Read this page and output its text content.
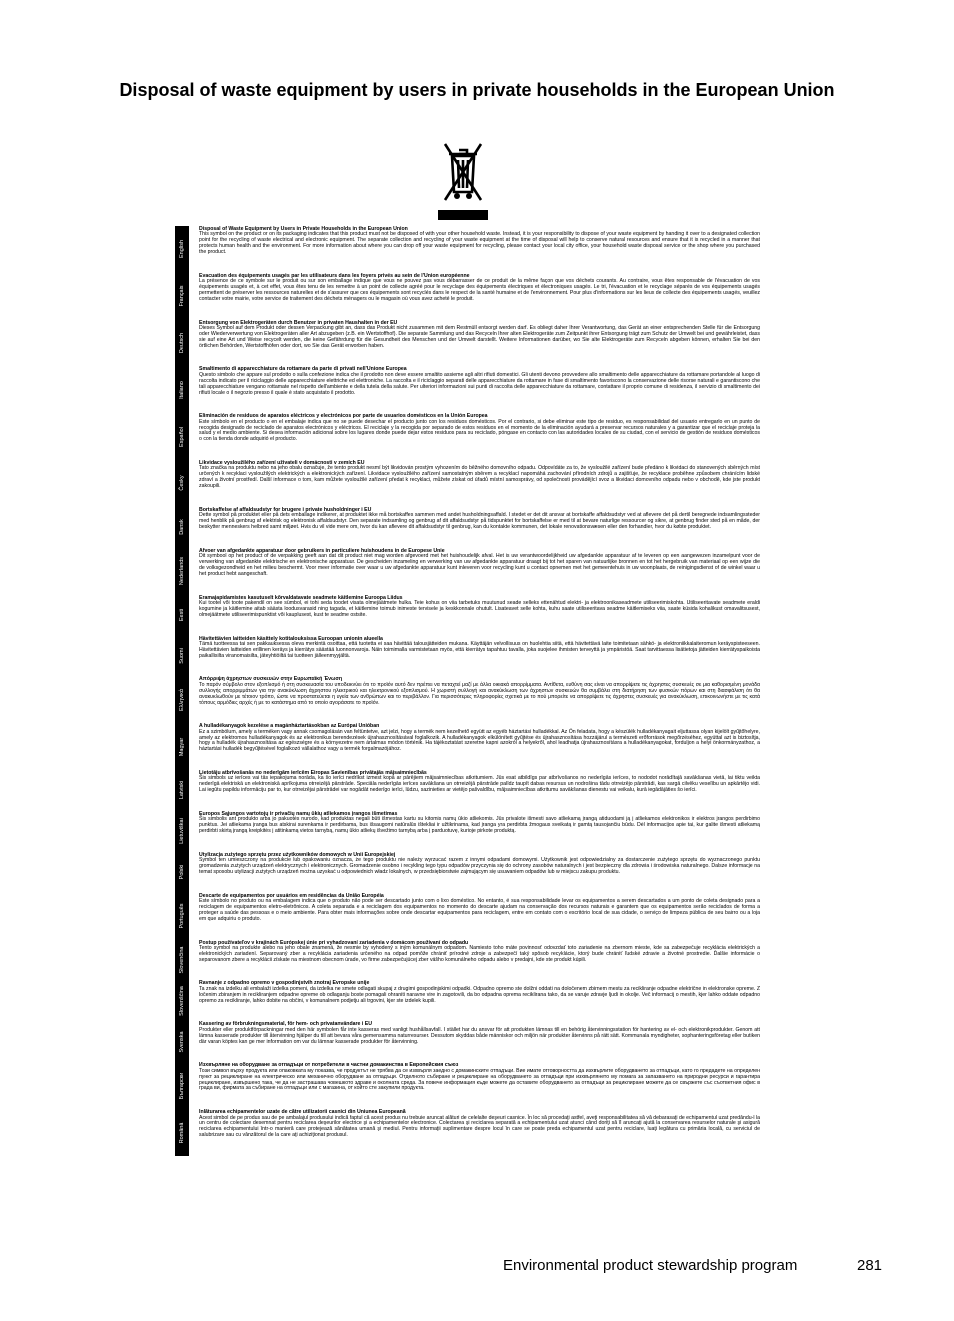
Disposal of waste equipment by users in private households in the European Union
English
Disposal of Waste Equipment by Users in Private Households in the European Union
This symbol on the product or on its packaging indicates that this product must not be disposed of with your other household waste. Instead, it is your responsibility to dispose of your waste equipment by handing it over to a designated collection point for the recycling of waste electrical and electronic equipment. The separate collection and recycling of your waste equipment at the time of disposal will help to conserve natural resources and ensure that it is recycled in a manner that protects human health and the environment. For more information about where you can drop off your waste equipment for recycling, please contact your local city office, your household waste disposal service or the shop where you purchased the product.
Français
Évacuation des équipements usagés par les utilisateurs dans les foyers privés au sein de l'Union européenne
La présence de ce symbole sur le produit ou sur son emballage indique que vous ne pouvez pas vous débarrasser de ce produit de la même façon que vos déchets courants. Au contraire, vous êtes responsable de l'évacuation de vos équipements usagés et, à cet effet, vous êtes tenu de les remettre à un point de collecte agréé pour le recyclage des équipements électriques et électroniques usagés. Le tri, l'évacuation et le recyclage séparés de vos équipements usagés permettent de préserver les ressources naturelles et de s'assurer que ces équipements sont recyclés dans le respect de la santé humaine et de l'environnement. Pour plus d'informations sur les lieux de collecte des équipements usagés, veuillez contacter votre mairie, votre service de traitement des déchets ménagers ou le magasin où vous avez acheté le produit.
Deutsch
Entsorgung von Elektrogeräten durch Benutzer in privaten Haushalten in der EU
Dieses Symbol auf dem Produkt oder dessen Verpackung gibt an, dass das Produkt nicht zusammen mit dem Restmüll entsorgt werden darf. Es obliegt daher Ihrer Verantwortung, das Gerät an einer entsprechenden Stelle für die Entsorgung oder Wiederverwertung von Elektrogeräten aller Art abzugeben (z.B. ein Wertstoffhof). Die separate Sammlung und das Recyceln Ihrer alten Elektrogeräte zum Zeitpunkt ihrer Entsorgung trägt zum Schutz der Umwelt bei und gewährleistet, dass sie auf eine Art und Weise recycelt werden, die keine Gefährdung für die Gesundheit des Menschen und der Umwelt darstellt. Weitere Informationen darüber, wo Sie alte Elektrogeräte zum Recyceln abgeben können, erhalten Sie bei den örtlichen Behörden, Wertstoffhöfen oder dort, wo Sie das Gerät erworben haben.
Italiano
Smaltimento di apparecchiature da rottamare da parte di privati nell'Unione Europea
Questo simbolo che appare sul prodotto o sulla confezione indica che il prodotto non deve essere smaltito assieme agli altri rifiuti domestici. Gli utenti devono provvedere allo smaltimento delle apparecchiature da rottamare portandole al luogo di raccolta indicato per il riciclaggio delle apparecchiature elettriche ed elettroniche. La raccolta e il riciclaggio separati delle apparecchiature da rottamare in fase di smaltimento favoriscono la conservazione delle risorse naturali e garantiscono che tali apparecchiature vengano rottamate nel rispetto dell'ambiente e della tutela della salute. Per ulteriori informazioni sui punti di raccolta delle apparecchiature da rottamare, contattare il proprio comune di residenza, il servizio di smaltimento dei rifiuti locale o il negozio presso il quale è stato acquistato il prodotto.
Español
Eliminación de residuos de aparatos eléctricos y electrónicos por parte de usuarios domésticos en la Unión Europea
Este símbolo en el producto o en el embalaje indica que no se puede desechar el producto junto con los residuos domésticos. Por el contrario, si debe eliminar este tipo de residuo, es responsabilidad del usuario entregarlo en un punto de recogida designado de reciclado de aparatos electrónicos y eléctricos. El reciclaje y la recogida por separado de estos residuos en el momento de la eliminación ayudará a preservar recursos naturales y a garantizar que el reciclaje proteja la salud y el medio ambiente. Si desea información adicional sobre los lugares donde puede dejar estos residuos para su reciclado, póngase en contacto con las autoridades locales de su ciudad, con el servicio de gestión de residuos domésticos o con la tienda donde adquirió el producto.
Česky
Likvidace vysloužilého zařízení uživateli v domácnosti v zemích EU
Tato značka na produktu nebo na jeho obalu označuje, že tento produkt nesmí být likvidován prostým vyhozením do běžného domovního odpadu. Odpovídáte za to, že vysloužilé zařízení bude předáno k likvidaci do stanovených sběrných míst určených k recyklaci vysloužilých elektrických a elektronických zařízení. Likvidace vysloužilého zařízení samostatným sběrem a recyklací napomáhá zachování přírodních zdrojů a zajišťuje, že recyklace proběhne způsobem chránícím lidské zdraví a životní prostředí. Další informace o tom, kam můžete vysloužilé zařízení předat k recyklaci, můžete získat od úřadů místní samosprávy, od společnosti provádějící svoz a likvidaci domovního odpadu nebo v obchodě, kde jste produkt zakoupili.
Dansk
Bortskaffelse af affaldsudstyr for brugere i private husholdninger i EU
Dette symbol på produktet eller på dets emballage indikerer, at produktet ikke må bortskaffes sammen med andet husholdningsaffald. I stedet er det dit ansvar at bortskaffe affaldsudstyr ved at aflevere det på dertil beregnede indsamlingssteder med henblik på genbrug af elektrisk og elektronisk affaldsudstyr. Den separate indsamling og genbrug af dit affaldsudstyr på tidspunktet for bortskaffelse er med til at bevare naturlige ressourcer og sikre, at genbrug finder sted på en måde, der beskytter menneskers helbred samt miljøet. Hvis du vil vide mere om, hvor du kan aflevere dit affaldsudstyr til genbrug, kan du kontakte kommunen, det lokale renovationsvæsen eller den forhandler, hvor du købte produktet.
Nederlands
Afvoer van afgedankte apparatuur door gebruikers in particuliere huishoudens in de Europese Unie
Dit symbool op het product of de verpakking geeft aan dat dit product niet mag worden afgevoerd met het huishoudelijk afval. Het is uw verantwoordelijkheid uw afgedankte apparatuur af te leveren op een aangewezen inzamelpunt voor de verwerking van afgedankte elektrische en elektronische apparatuur. De gescheiden inzameling en verwerking van uw afgedankte apparatuur draagt bij tot het sparen van natuurlijke bronnen en tot het hergebruik van materiaal op een wijze die de volksgezondheid en het milieu beschermt. Voor meer informatie over waar u uw afgedankte apparatuur kunt inleveren voor recycling kunt u contact opnemen met het gemeentehuis in uw woonplaats, de reinigingsdienst of de winkel waar u het product hebt aangeschaft.
Eesti
Eramajapidamistes kasutuselt kõrvaldatavate seadmete käitlemine Euroopa Liidus
Kui tootel või toote pakendil on see sümbol, ei tohi seda toodet visata olmejäätmete hulka. Teie kohus on viia tarbetuks muutunud seade selleks ettenähtud elektri- ja elektroonikaseadmete utiliseerimiskohta. Utiliseeritavate seadmete eraldi kogumine ja käitlemine aitab säästa loodusvarasid ning tagada, et käitlemine toimub inimeste tervisele ja keskkonnale ohutult. Lisateavet selle kohta, kuhu saate utiliseeritava seadme käitlemiseks viia, saate küsida kohalikust omavalitsusest, olmejäätmete utiliseerimispunktist või kauplusest, kust te seadme ostsite.
Suomi
Hävitettävien laitteiden käsittely kotitalouksissa Euroopan unionin alueella
Tämä tuotteessa tai sen pakkauksessa oleva merkintä osoittaa, että tuotetta ei saa hävittää talousjätteiden mukana. Käyttäjän velvollisuus on huolehtia siitä, että hävitettävä laite toimitetaan sähkö- ja elektroniikkalaiteromun keräyspisteeseen. Hävitettävien laitteiden erillinen keräys ja kierrätys säästää luonnonvaroja. Näin toimimalla varmistetaan myös, että kierrätys tapahtuu tavalla, joka suojelee ihmisten terveyttä ja ympäristöä. Saat tarvittaessa lisätietoja jätteiden kierrätyspaikoista paikallisilta viranomaisilta, jäteyhtiöiltä tai tuotteen jälleenmyyjältä.
Ελληνικά
Απόρριψη άχρηστων συσκευών στην Ευρωπαϊκή Ένωση
Το παρόν σύμβολο στον εξοπλισμό ή στη συσκευασία του υποδεικνύει ότι το προϊόν αυτό δεν πρέπει να πεταχτεί μαζί με άλλα οικιακά απορρίμματα. Αντίθετα, ευθύνη σας είναι να απορρίψετε τις άχρηστες συσκευές σε μια καθορισμένη μονάδα συλλογής απορριμμάτων για την ανακύκλωση άχρηστου ηλεκτρικού και ηλεκτρονικού εξοπλισμού. Η χωριστή συλλογή και ανακύκλωση των άχρηστων συσκευών θα συμβάλει στη διατήρηση των φυσικών πόρων και στη διασφάλιση ότι θα ανακυκλωθούν με τέτοιον τρόπο, ώστε να προστατεύεται η υγεία των ανθρώπων και το περιβάλλον. Για περισσότερες πληροφορίες σχετικά με το πού μπορείτε να απορρίψετε τις άχρηστες συσκευές για ανακύκλωση, επικοινωνήστε με τις κατά τόπους αρμόδιες αρχές ή με το κατάστημα από το οποίο αγοράσατε το προϊόν.
Magyar
A hulladékanyagok kezelése a magánháztartásokban az Európai Unióban
Ez a szimbólum, amely a terméken vagy annak csomagolásán van feltüntetve, azt jelzi, hogy a termék nem kezelhető együtt az egyéb háztartási hulladékkal. Az Ön feladata, hogy a készülék hulladékanyagait eljuttassa olyan kijelölt gyűjtőhelyre, amely az elektromos hulladékanyagok és az elektronikus berendezések újrahasznosításával foglalkozik. A hulladékanyagok elkülönített gyűjtése és újrahasznosítása hozzájárul a természeti erőforrások megőrzéséhez, egyúttal azt is biztosítja, hogy a hulladék újrahasznosítása az egészségre és a környezetre nem ártalmas módon történik. Ha tájékoztatást szeretne kapni azokról a helyekről, ahol leadhatja újrahasznosításra a hulladékanyagokat, forduljon a helyi önkormányzathoz, a háztartási hulladék begyűjtésével foglalkozó vállalathoz vagy a termék forgalmazójához.
Latviski
Lietotāju atbrīvošanās no nederīgām ierīcēm Eiropas Savienības privātajās mājsaimniecībās
Šis simbols uz ierīces vai tās iepakojuma norāda, ka šo ierīci nedrīkst izmest kopā ar pārējiem mājsaimniecības atkritumiem. Jūs esat atbildīgs par atbrīvošanos no nederīgās ierīces, to nododot norādītajā savākšanas vietā, lai tiktu veikta nederīgā elektriskā un elektroniskā aprīkojuma otrreizējā pārstrāde. Speciāla nederīgās ierīces savākšana un otrreizējā pārstrāde palīdz taupīt dabas resursus un nodrošina tādu otrreizējo pārstrādi, kas sargā cilvēku veselību un apkārtējo vidi. Lai iegūtu papildu informāciju par to, kur otrreizējai pārstrādei var nogādāt nederīgo ierīci, lūdzu, sazinieties ar vietējo pašvaldību, mājsaimniecības atkritumu savākšanas dienestu vai veikalu, kurā iegādājāties šo ierīci.
Lietuviškai
Europos Sąjungos vartotojų ir privačių namų ūkių atliekamos įrangos išmetimas
Šis simbolis ant produkto arba jo pakuotės nurodo, kad produktas negali būti išmestas kartu su kitomis namų ūkio atliekomis. Jūs privalote išmesti savo atliekamą įrangą atiduodami ją į atliekamos elektronikos ir elektros įrangos perdirbimo punktus. Jei atliekama įranga bus atskirai surenkama ir perdirbama, bus išsaugomi natūralūs ištekliai ir užtikrinama, kad įranga yra perdirbta žmogaus sveikatą ir gamtą tausojančiu būdu. Dėl informacijos apie tai, kur galite išmesti atliekamą perdirbti skirtą įrangą kreipkitės į atitinkamą vietos tarnybą, namų ūkio atliekų išvežimo tarnybą arba į parduotuvę, kurioje pirkote produktą.
Polski
Utylizacja zużytego sprzętu przez użytkowników domowych w Unii Europejskiej
Symbol ten umieszczony na produkcie lub opakowaniu oznacza, że tego produktu nie należy wyrzucać razem z innymi odpadami domowymi. Użytkownik jest odpowiedzialny za dostarczenie zużytego sprzętu do wyznaczonego punktu gromadzenia zużytych urządzeń elektrycznych i elektronicznych. Gromadzenie osobno i recykling tego typu odpadów przyczynia się do ochrony zasobów naturalnych i jest bezpieczny dla zdrowia i środowiska naturalnego. Dalsze informacje na temat sposobu utylizacji zużytych urządzeń można uzyskać u odpowiednich władz lokalnych, w przedsiębiorstwie zajmującym się usuwaniem odpadów lub w miejscu zakupu produktu.
Português
Descarte de equipamentos por usuários em residências da União Européia
Este símbolo no produto ou na embalagem indica que o produto não pode ser descartado junto com o lixo doméstico. No entanto, é sua responsabilidade levar os equipamentos a serem descartados a um ponto de coleta designado para a reciclagem de equipamentos eletro-eletrônicos. A coleta separada e a reciclagem dos equipamentos no momento do descarte ajudam na conservação dos recursos naturais e garantem que os equipamentos serão reciclados de forma a proteger a saúde das pessoas e o meio ambiente. Para obter mais informações sobre onde descartar equipamentos para reciclagem, entre em contato com o escritório local de sua cidade, o serviço de limpeza pública de seu bairro ou a loja em que adquiriu o produto.
Slovenčina
Postup používateľov v krajinách Európskej únie pri vyhadzovaní zariadenia v domácom používaní do odpadu
Tento symbol na produkte alebo na jeho obale znamená, že nesmie by vyhodený s iným komunálnym odpadom. Namiesto toho máte povinnosť odovzdať toto zariadenie na zbernom mieste, kde sa zabezpečuje recyklácia elektrických a elektronických zariadení. Separovaný zber a recyklácia zariadenia určeného na odpad pomôže chrániť prírodné zdroje a zabezpečí taký spôsob recyklácie, ktorý bude chrániť ľudské zdravie a životné prostredie. Ďalšie informácie o separovanom zbere a recyklácii získate na miestnom obecnom úrade, vo firme zabezpečujúcej zber vášho komunálneho odpadu alebo v predajni, kde ste produkt kúpili.
Slovenščina
Ravnanje z odpadno opremo v gospodinjstvih znotraj Evropske unije
Ta znak na izdelku ali embalaži izdelka pomeni, da izdelka ne smete odlagati skupaj z drugimi gospodinjskimi odpadki. Odpadno opremo ste dolžni oddati na določenem zbirnem mestu za recikliranje odpadne električne in elektronske opreme. Z ločenim zbiranjem in recikliranjem odpadne opreme ob odlaganju boste pomagali ohraniti naravne vire in zagotovili, da bo odpadna oprema reciklirana tako, da se varuje zdravje ljudi in okolje. Več informacij o mestih, kjer lahko oddate odpadno opremo za recikliranje, lahko dobite na občini, v komunalnem podjetju ali trgovini, kjer ste izdelek kupili.
Svenska
Kassering av förbrukningsmaterial, för hem- och privatanvändare i EU
Produkter eller produktförpackningar med den här symbolen får inte kasseras med vanligt hushållsavfall. I stället har du ansvar för att produkten lämnas till en behörig återvinningsstation för hantering av el- och elektronikprodukter. Genom att lämna kasserade produkter till återvinning hjälper du till att bevara våra gemensamma naturresurser. Dessutom skyddas både människor och miljön när produkter återvinns på rätt sätt. Kommunala myndigheter, sophanteringsföretag eller butiken där varan köptes kan ge mer information om var du lämnar kasserade produkter för återvinning.
Български
Изхвърляне на оборудване за отпадъци от потребители в частни домакинства в Европейския съюз
Този символ върху продукта или опаковката му показва, че продуктът не трябва да се изхвърля заедно с домакинските отпадъци. Вие имате отговорността да изхвърлите оборудването за отпадъци, като го предадете на определен пункт за рециклиране на електрическо или механично оборудване за отпадъци. Отделното събиране и рециклиране на оборудването за отпадъци при изхвърлянето му помага за запазването на природни ресурси и гарантира рециклиране, извършено така, че да не застрашава човешкото здраве и околната среда. За повече информация къде можете да оставите оборудването за отпадъци за рециклиране можете да се свържете със съответния офис в града ви, фирмата за събиране на отпадъци или с магазина, от който сте закупили продукта.
Română
Înlăturarea echipamentelor uzate de către utilizatorii casnici din Uniunea Europeană
Acest simbol de pe produs sau de pe ambalajul produsului indică faptul că acest produs nu trebuie aruncat alături de celelalte deşeuri casnice. În loc să procedaţi astfel, aveţi responsabilitatea să vă debarasaţi de echipamentul uzat predându-l la un centru de colectare desemnat pentru reciclarea deşeurilor electrice şi a echipamentelor electronice. Colectarea şi reciclarea separată a echipamentului uzat atunci când doriţi să îl aruncaţi ajută la conservarea resurselor naturale şi asigură reciclarea echipamentului într-o manieră care protejează sănătatea umană şi mediul. Pentru informaţii suplimentare despre locul în care se poate preda echipamentul uzat pentru reciclare, luaţi legătura cu primăria locală, cu serviciul de salubrizare sau cu vânzătorul de la care aţi achiziţionat produsul.
Environmental product stewardship program	281
